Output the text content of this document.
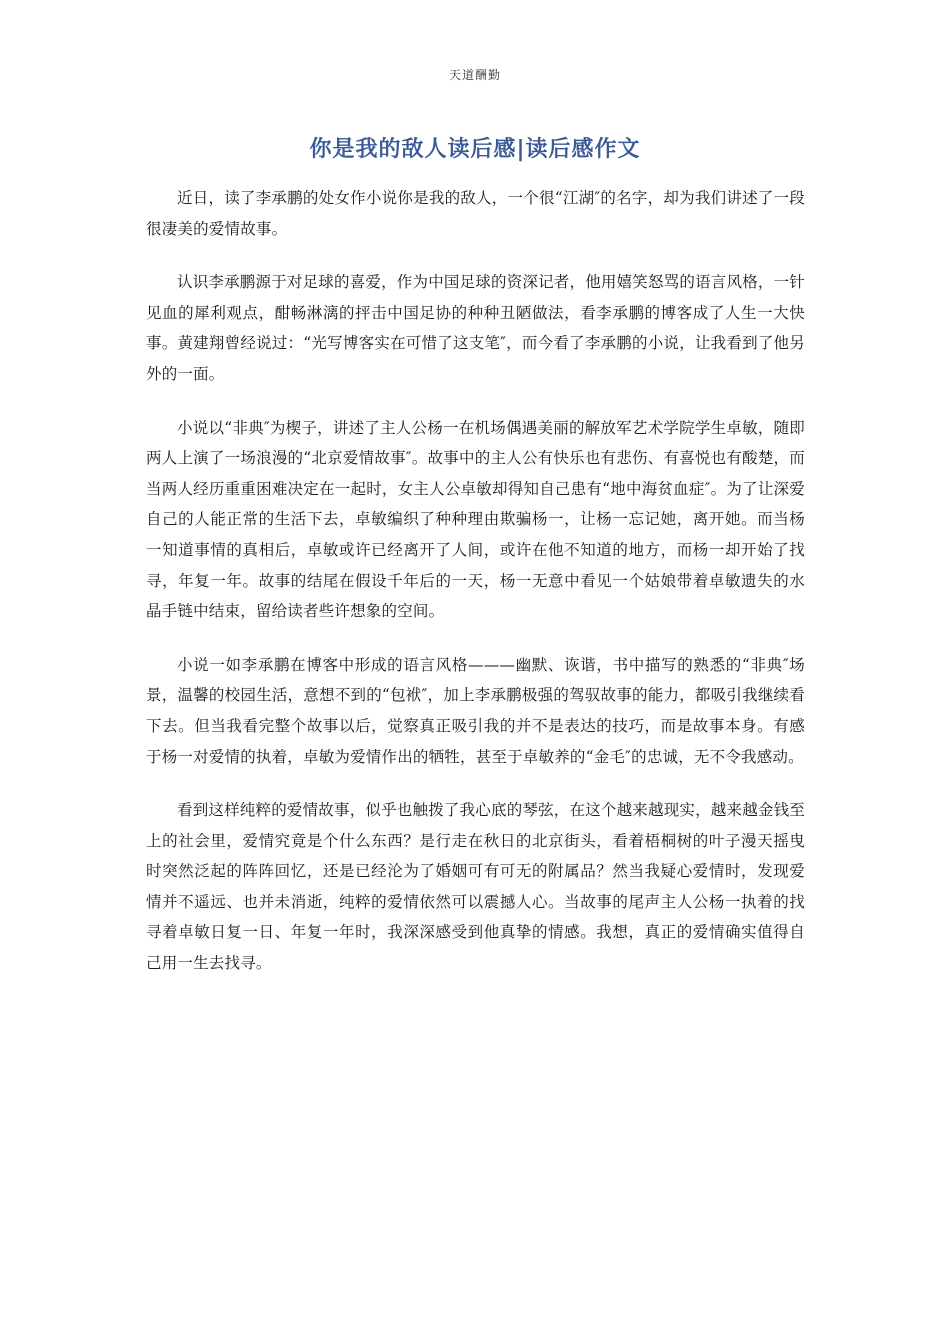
天道酬勤
你是我的敌人读后感|读后感作文

近日，读了李承鹏的处女作小说你是我的敌人，一个很“江湖″的名字，却为我们讲述了一段很凄美的爱情故事。

认识李承鹏源于对足球的喜爱，作为中国足球的资深记者，他用嬉笑怒骂的语言风格，一针见血的犀利观点，酣畅淋漓的抨击中国足协的种种丑陋做法，看李承鹏的博客成了人生一大快事。黄建翔曾经说过：“光写博客实在可惜了这支笔″，而今看了李承鹏的小说，让我看到了他另外的一面。

小说以“非典″为楔子，讲述了主人公杨一在机场偶遇美丽的解放军艺术学院学生卓敏，随即两人上演了一场浪漫的“北京爱情故事″。故事中的主人公有快乐也有悲伤、有喜悦也有酸楚，而当两人经历重重困难决定在一起时，女主人公卓敏却得知自己患有“地中海贫血症″。为了让深爱自己的人能正常的生活下去，卓敏编织了种种理由欺骗杨一，让杨一忘记她，离开她。而当杨一知道事情的真相后，卓敏或许已经离开了人间，或许在他不知道的地方，而杨一却开始了找寻，年复一年。故事的结尾在假设千年后的一天，杨一无意中看见一个姑娘带着卓敏遗失的水晶手链中结束，留给读者些许想象的空间。

小说一如李承鹏在博客中形成的语言风格———幽默、诙谐，书中描写的熟悉的“非典″场景，温馨的校园生活，意想不到的“包袱″，加上李承鹏极强的驾驭故事的能力，都吸引我继续看下去。但当我看完整个故事以后，觉察真正吸引我的并不是表达的技巧，而是故事本身。有感于杨一对爱情的执着，卓敏为爱情作出的牺牲，甚至于卓敏养的“金毛″的忠诚，无不令我感动。

看到这样纯粹的爱情故事，似乎也触拨了我心底的琴弦，在这个越来越现实，越来越金钱至上的社会里，爱情究竟是个什么东西？是行走在秋日的北京街头，看着梧桐树的叶子漫天摇曳时突然泛起的阵阵回忆，还是已经沦为了婚姻可有可无的附属品？然当我疑心爱情时，发现爱情并不遥远、也并未消逝，纯粹的爱情依然可以震撼人心。当故事的尾声主人公杨一执着的找寻着卓敏日复一日、年复一年时，我深深感受到他真挚的情感。我想，真正的爱情确实值得自己用一生去找寻。
